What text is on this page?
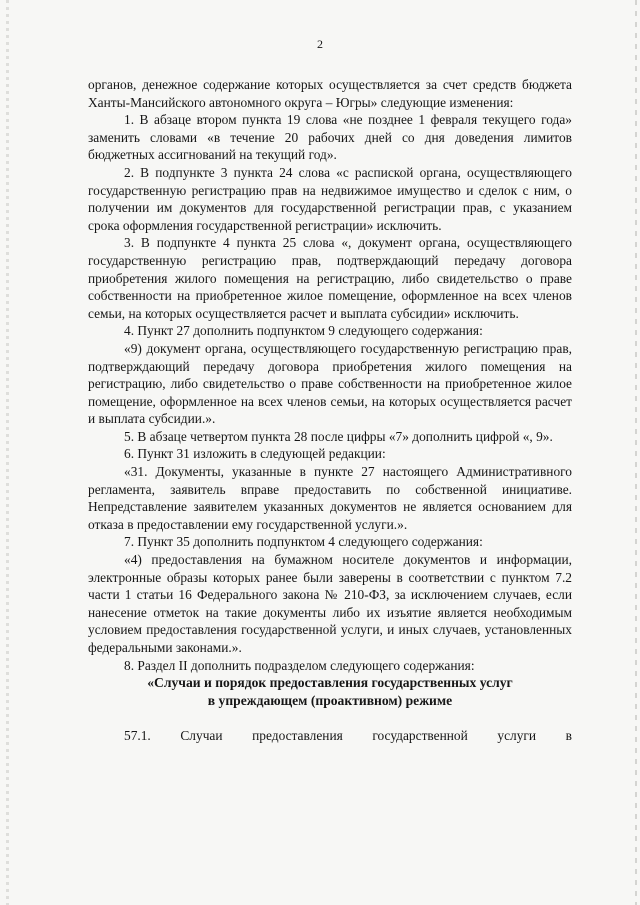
2

органов, денежное содержание которых осуществляется за счет средств бюджета Ханты-Мансийского автономного округа – Югры» следующие изменения:

1. В абзаце втором пункта 19 слова «не позднее 1 февраля текущего года» заменить словами «в течение 20 рабочих дней со дня доведения лимитов бюджетных ассигнований на текущий год».

2. В подпункте 3 пункта 24 слова «с распиской органа, осуществляющего государственную регистрацию прав на недвижимое имущество и сделок с ним, о получении им документов для государственной регистрации прав, с указанием срока оформления государственной регистрации» исключить.

3. В подпункте 4 пункта 25 слова «, документ органа, осуществляющего государственную регистрацию прав, подтверждающий передачу договора приобретения жилого помещения на регистрацию, либо свидетельство о праве собственности на приобретенное жилое помещение, оформленное на всех членов семьи, на которых осуществляется расчет и выплата субсидии» исключить.

4. Пункт 27 дополнить подпунктом 9 следующего содержания:

«9) документ органа, осуществляющего государственную регистрацию прав, подтверждающий передачу договора приобретения жилого помещения на регистрацию, либо свидетельство о праве собственности на приобретенное жилое помещение, оформленное на всех членов семьи, на которых осуществляется расчет и выплата субсидии.».

5. В абзаце четвертом пункта 28 после цифры «7» дополнить цифрой «, 9».

6. Пункт 31 изложить в следующей редакции:

«31. Документы, указанные в пункте 27 настоящего Административного регламента, заявитель вправе предоставить по собственной инициативе. Непредставление заявителем указанных документов не является основанием для отказа в предоставлении ему государственной услуги.».

7. Пункт 35 дополнить подпунктом 4 следующего содержания:

«4) предоставления на бумажном носителе документов и информации, электронные образы которых ранее были заверены в соответствии с пунктом 7.2 части 1 статьи 16 Федерального закона № 210-ФЗ, за исключением случаев, если нанесение отметок на такие документы либо их изъятие является необходимым условием предоставления государственной услуги, и иных случаев, установленных федеральными законами.».

8. Раздел II дополнить подразделом следующего содержания:

«Случаи и порядок предоставления государственных услуг

в упреждающем (проактивном) режиме

57.1. Случаи предоставления государственной услуги в
